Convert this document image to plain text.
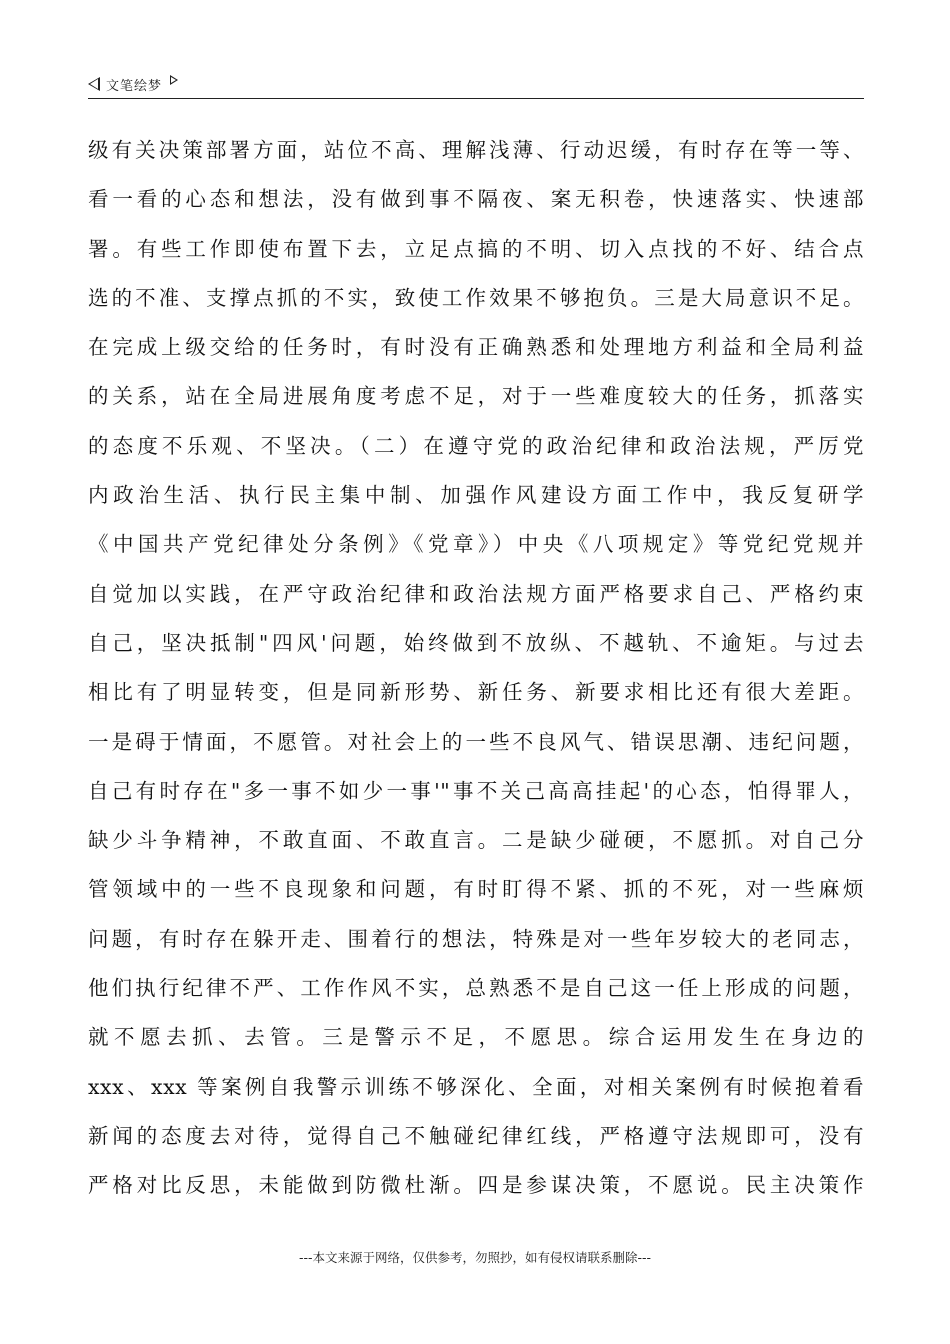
文笔绘梦
级有关决策部署方面，站位不高、理解浅薄、行动迟缓，有时存在等一等、
看一看的心态和想法，没有做到事不隔夜、案无积卷，快速落实、快速部
署。有些工作即使布置下去，立足点搞的不明、切入点找的不好、结合点
选的不准、支撑点抓的不实，致使工作效果不够抱负。三是大局意识不足。
在完成上级交给的任务时，有时没有正确熟悉和处理地方利益和全局利益
的关系，站在全局进展角度考虑不足，对于一些难度较大的任务，抓落实
的态度不乐观、不坚决。（二）在遵守党的政治纪律和政治法规，严厉党
内政治生活、执行民主集中制、加强作风建设方面工作中，我反复研学
《中国共产党纪律处分条例》《党章》）中央《八项规定》等党纪党规并
自觉加以实践，在严守政治纪律和政治法规方面严格要求自己、严格约束
自己，坚决抵制"四风'问题，始终做到不放纵、不越轨、不逾矩。与过去
相比有了明显转变，但是同新形势、新任务、新要求相比还有很大差距。
一是碍于情面，不愿管。对社会上的一些不良风气、错误思潮、违纪问题，
自己有时存在"多一事不如少一事'"事不关己高高挂起'的心态，怕得罪人，
缺少斗争精神，不敢直面、不敢直言。二是缺少碰硬，不愿抓。对自己分
管领域中的一些不良现象和问题，有时盯得不紧、抓的不死，对一些麻烦
问题，有时存在躲开走、围着行的想法，特殊是对一些年岁较大的老同志，
他们执行纪律不严、工作作风不实，总熟悉不是自己这一任上形成的问题，
就不愿去抓、去管。三是警示不足，不愿思。综合运用发生在身边的
xxx、xxx 等案例自我警示训练不够深化、全面，对相关案例有时候抱着看
新闻的态度去对待，觉得自己不触碰纪律红线，严格遵守法规即可，没有
严格对比反思，未能做到防微杜渐。四是参谋决策，不愿说。民主决策作
---本文来源于网络，仅供参考，勿照抄，如有侵权请联系删除---
